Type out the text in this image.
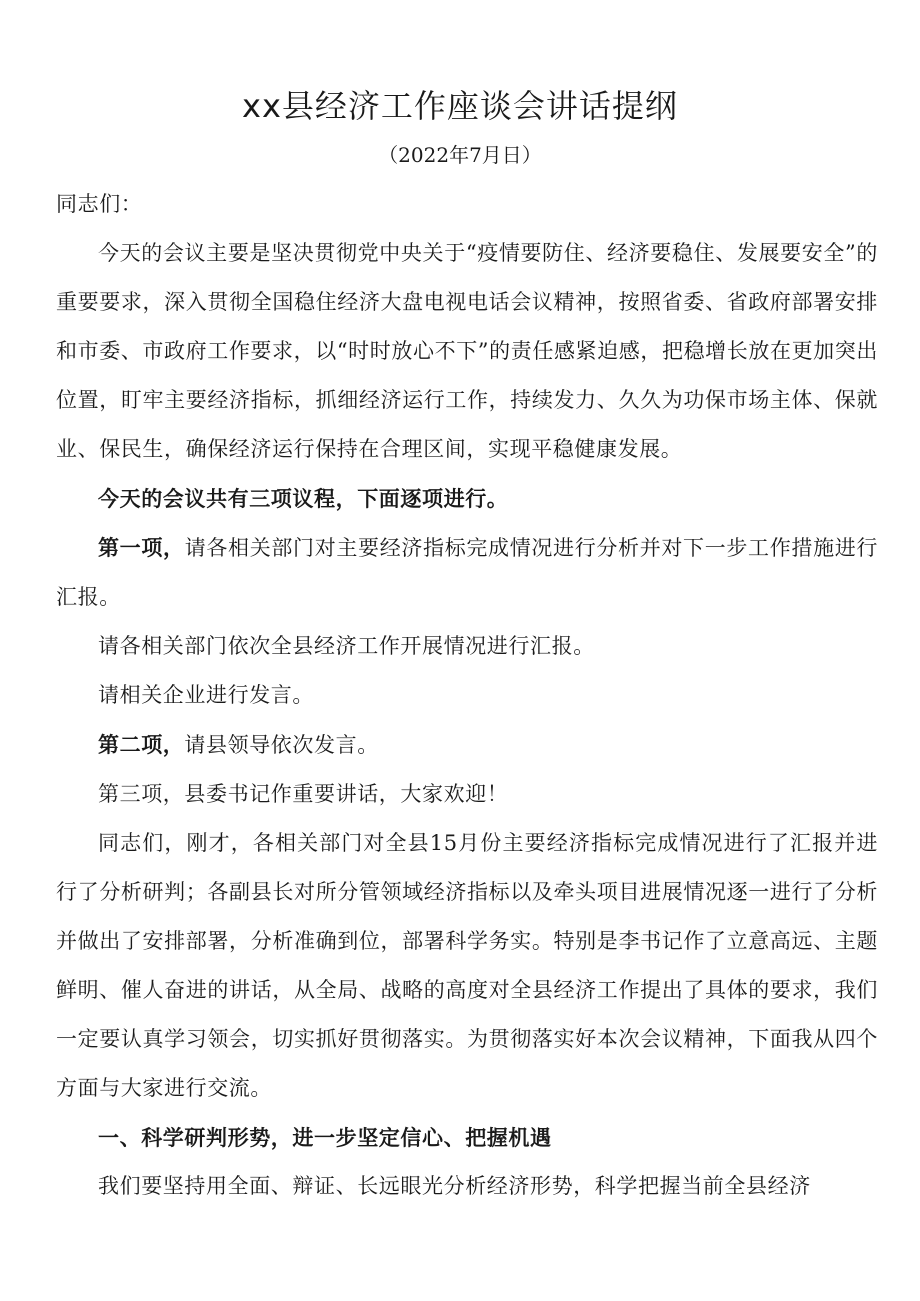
xx县经济工作座谈会讲话提纲
（2022年7月日）

同志们：

今天的会议主要是坚决贯彻党中央关于“疫情要防住、经济要稳住、发展要安全”的重要要求，深入贯彻全国稳住经济大盘电视电话会议精神，按照省委、省政府部署安排和市委、市政府工作要求，以“时时放心不下”的责任感紧迫感，把稳增长放在更加突出位置，盯牢主要经济指标，抓细经济运行工作，持续发力、久久为功保市场主体、保就业、保民生，确保经济运行保持在合理区间，实现平稳健康发展。

今天的会议共有三项议程，下面逐项进行。

第一项，请各相关部门对主要经济指标完成情况进行分析并对下一步工作措施进行汇报。

请各相关部门依次全县经济工作开展情况进行汇报。

请相关企业进行发言。

第二项，请县领导依次发言。

第三项，县委书记作重要讲话，大家欢迎！

同志们，刚才，各相关部门对全县15月份主要经济指标完成情况进行了汇报并进行了分析研判；各副县长对所分管领域经济指标以及牵头项目进展情况逐一进行了分析并做出了安排部署，分析准确到位，部署科学务实。特别是李书记作了立意高远、主题鲜明、催人奋进的讲话，从全局、战略的高度对全县经济工作提出了具体的要求，我们一定要认真学习领会，切实抓好贯彻落实。为贯彻落实好本次会议精神，下面我从四个方面与大家进行交流。

一、科学研判形势，进一步坚定信心、把握机遇

我们要坚持用全面、辩证、长远眼光分析经济形势，科学把握当前全县经济
